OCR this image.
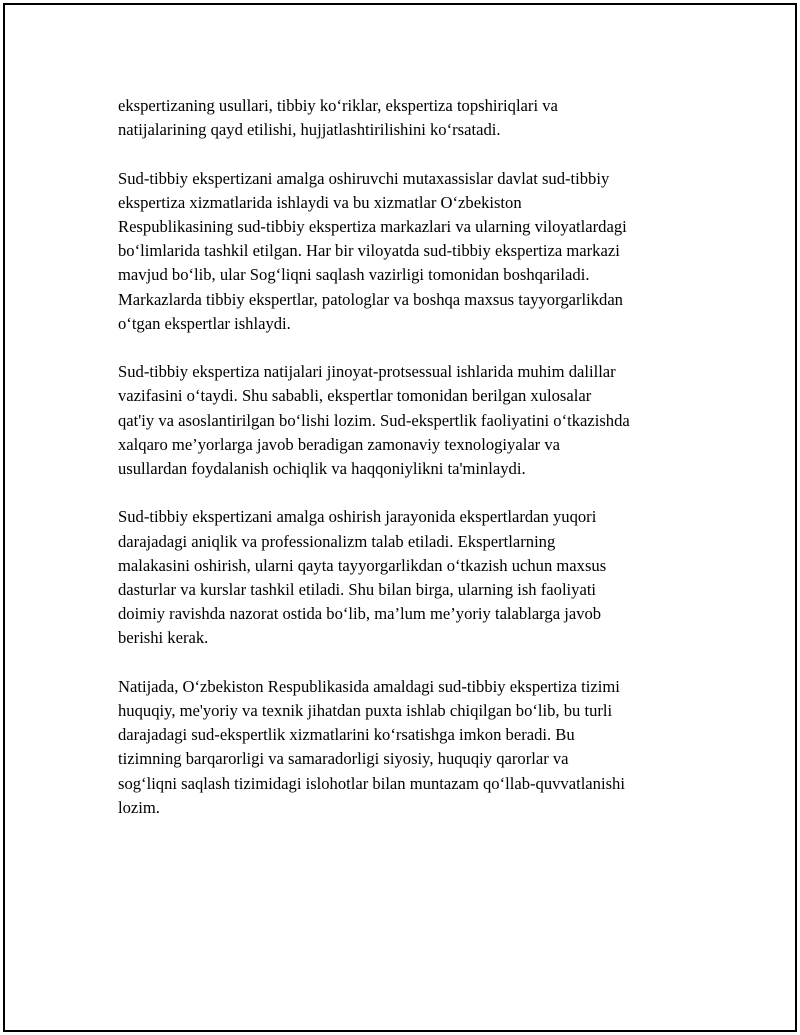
ekspertizaning usullari, tibbiy ko‘riklar, ekspertiza topshiriqlari va
natijalarining qayd etilishi, hujjatlashtirilishini ko‘rsatadi.

Sud-tibbiy ekspertizani amalga oshiruvchi mutaxassislar davlat sud-tibbiy
ekspertiza xizmatlarida ishlaydi va bu xizmatlar O‘zbekiston
Respublikasining sud-tibbiy ekspertiza markazlari va ularning viloyatlardagi
bo‘limlarida tashkil etilgan. Har bir viloyatda sud-tibbiy ekspertiza markazi
mavjud bo‘lib, ular Sog‘liqni saqlash vazirligi tomonidan boshqariladi.
Markazlarda tibbiy ekspertlar, patologlar va boshqa maxsus tayyorgarlikdan
o‘tgan ekspertlar ishlaydi.

Sud-tibbiy ekspertiza natijalari jinoyat-protsessual ishlarida muhim dalillar
vazifasini o‘taydi. Shu sababli, ekspertlar tomonidan berilgan xulosalar
qat'iy va asoslantirilgan bo‘lishi lozim. Sud-ekspertlik faoliyatini o‘tkazishda
xalqaro me’yorlarga javob beradigan zamonaviy texnologiyalar va
usullardan foydalanish ochiqlik va haqqoniylikni ta'minlaydi.

Sud-tibbiy ekspertizani amalga oshirish jarayonida ekspertlardan yuqori
darajadagi aniqlik va professionalizm talab etiladi. Ekspertlarning
malakasini oshirish, ularni qayta tayyorgarlikdan o‘tkazish uchun maxsus
dasturlar va kurslar tashkil etiladi. Shu bilan birga, ularning ish faoliyati
doimiy ravishda nazorat ostida bo‘lib, ma’lum me’yoriy talablarga javob
berishi kerak.

Natijada, O‘zbekiston Respublikasida amaldagi sud-tibbiy ekspertiza tizimi
huquqiy, me'yoriy va texnik jihatdan puxta ishlab chiqilgan bo‘lib, bu turli
darajadagi sud-ekspertlik xizmatlarini ko‘rsatishga imkon beradi. Bu
tizimning barqarorligi va samaradorligi siyosiy, huquqiy qarorlar va
sog‘liqni saqlash tizimidagi islohotlar bilan muntazam qo‘llab-quvvatlanishi
lozim.
